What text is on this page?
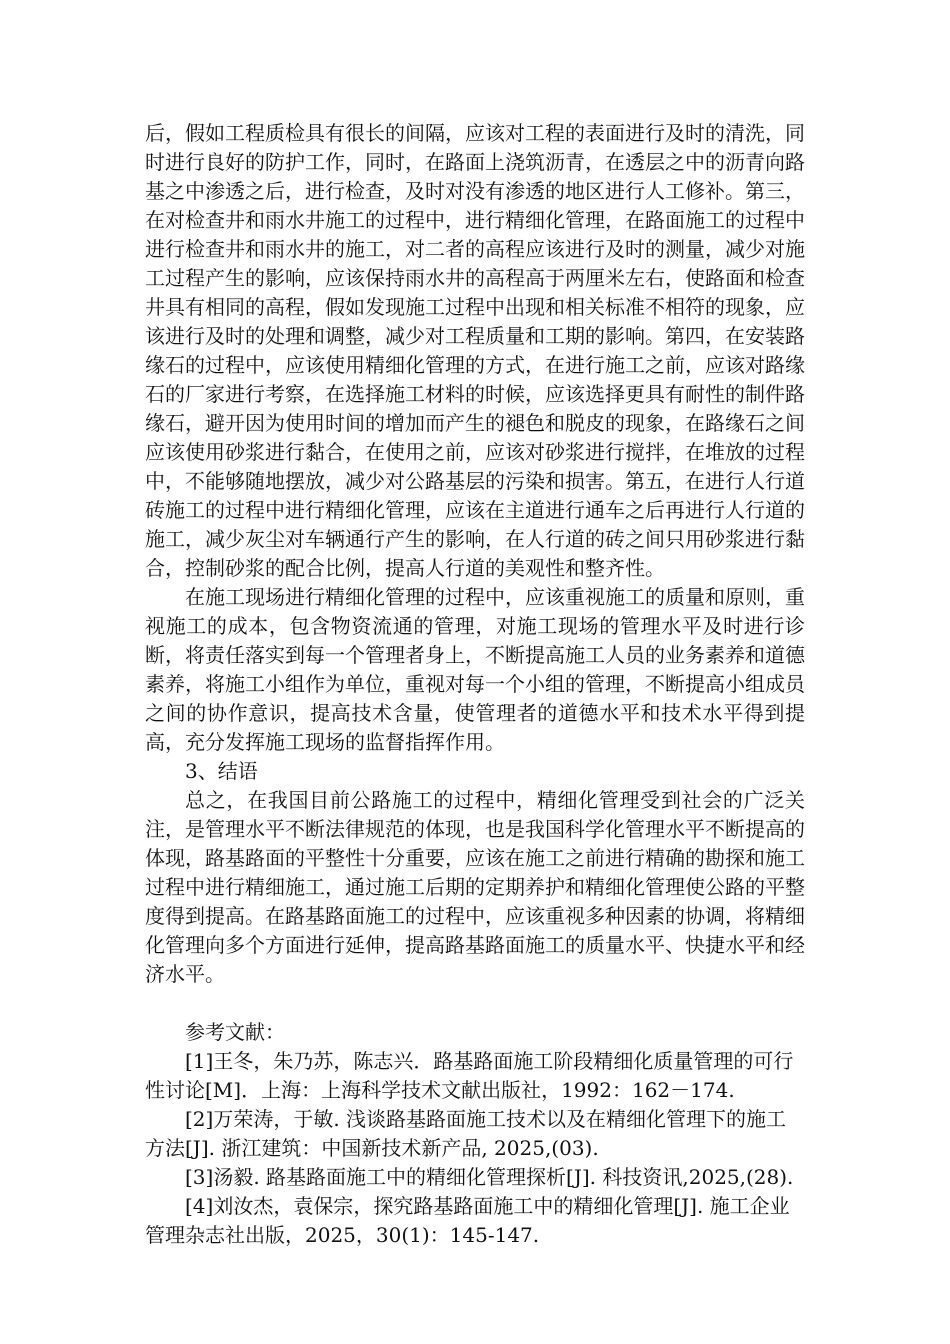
后，假如工程质检具有很长的间隔，应该对工程的表面进行及时的清洗，同时进行良好的防护工作，同时，在路面上浇筑沥青，在透层之中的沥青向路基之中渗透之后，进行检查，及时对没有渗透的地区进行人工修补。第三，在对检查井和雨水井施工的过程中，进行精细化管理，在路面施工的过程中进行检查井和雨水井的施工，对二者的高程应该进行及时的测量，减少对施工过程产生的影响，应该保持雨水井的高程高于两厘米左右，使路面和检查井具有相同的高程，假如发现施工过程中出现和相关标准不相符的现象，应该进行及时的处理和调整，减少对工程质量和工期的影响。第四，在安装路缘石的过程中，应该使用精细化管理的方式，在进行施工之前，应该对路缘石的厂家进行考察，在选择施工材料的时候，应该选择更具有耐性的制件路缘石，避开因为使用时间的增加而产生的褪色和脱皮的现象，在路缘石之间应该使用砂浆进行黏合，在使用之前，应该对砂浆进行搅拌，在堆放的过程中，不能够随地摆放，减少对公路基层的污染和损害。第五，在进行人行道砖施工的过程中进行精细化管理，应该在主道进行通车之后再进行人行道的施工，减少灰尘对车辆通行产生的影响，在人行道的砖之间只用砂浆进行黏合，控制砂浆的配合比例，提高人行道的美观性和整齐性。

在施工现场进行精细化管理的过程中，应该重视施工的质量和原则，重视施工的成本，包含物资流通的管理，对施工现场的管理水平及时进行诊断，将责任落实到每一个管理者身上，不断提高施工人员的业务素养和道德素养，将施工小组作为单位，重视对每一个小组的管理，不断提高小组成员之间的协作意识，提高技术含量，使管理者的道德水平和技术水平得到提高，充分发挥施工现场的监督指挥作用。

3、结语

总之，在我国目前公路施工的过程中，精细化管理受到社会的广泛关注，是管理水平不断法律规范的体现，也是我国科学化管理水平不断提高的体现，路基路面的平整性十分重要，应该在施工之前进行精确的勘探和施工过程中进行精细施工，通过施工后期的定期养护和精细化管理使公路的平整度得到提高。在路基路面施工的过程中，应该重视多种因素的协调，将精细化管理向多个方面进行延伸，提高路基路面施工的质量水平、快捷水平和经济水平。

参考文献：

[1]王冬，朱乃苏，陈志兴．路基路面施工阶段精细化质量管理的可行性讨论[M]．上海：上海科学技术文献出版社，1992：162－174.

[2]万荣涛，于敏. 浅谈路基路面施工技术以及在精细化管理下的施工方法[J]. 浙江建筑：中国新技术新产品, 2025,(03).

[3]汤毅. 路基路面施工中的精细化管理探析[J]. 科技资讯,2025,(28).

[4]刘汝杰，袁保宗，探究路基路面施工中的精细化管理[J]. 施工企业管理杂志社出版，2025，30(1)：145-147.
